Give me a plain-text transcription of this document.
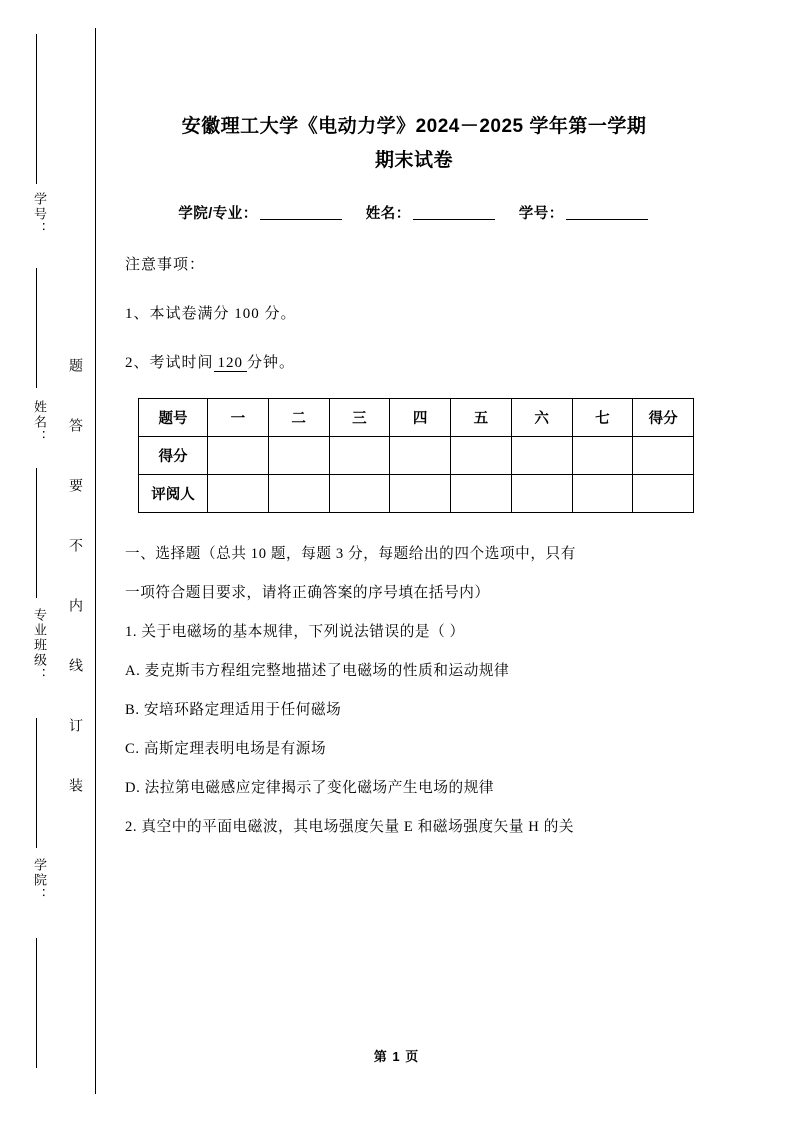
学号：
姓名：
专业班级：
学院：
题答要不内线订装
安徽理工大学《电动力学》2024－2025 学年第一学期
期末试卷
学院/专业：	姓名：	学号：
注意事项：
1、本试卷满分 100 分。
2、考试时间 120 分钟。
题号	一	二	三	四	五	六	七	得分
得分								
评阅人								
一、选择题（总共 10 题，每题 3 分，每题给出的四个选项中，只有
一项符合题目要求，请将正确答案的序号填在括号内）
1. 关于电磁场的基本规律，下列说法错误的是（ ）
A. 麦克斯韦方程组完整地描述了电磁场的性质和运动规律
B. 安培环路定理适用于任何磁场
C. 高斯定理表明电场是有源场
D. 法拉第电磁感应定律揭示了变化磁场产生电场的规律
2. 真空中的平面电磁波，其电场强度矢量 E 和磁场强度矢量 H 的关
第 1 页
